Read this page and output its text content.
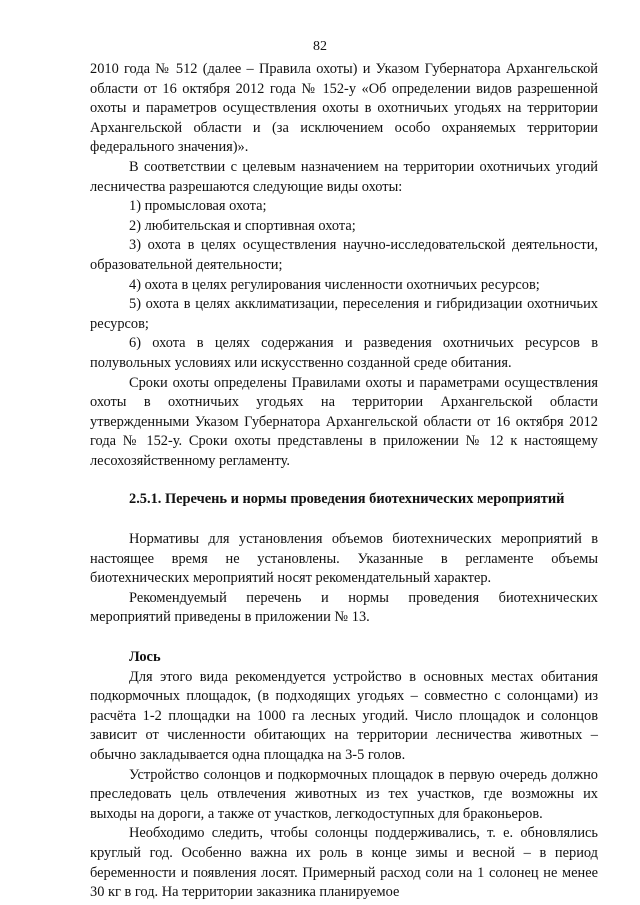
82

2010 года № 512 (далее – Правила охоты) и Указом Губернатора Архангельской области от 16 октября 2012 года № 152-у «Об определении видов разрешенной охоты и параметров осуществления охоты в охотничьих угодьях на территории Архангельской области и (за исключением особо охраняемых территории федерального значения)».

В соответствии с целевым назначением на территории охотничьих угодий лесничества разрешаются следующие виды охоты:

1) промысловая охота;

2) любительская и спортивная охота;

3) охота в целях осуществления научно-исследовательской деятельности, образовательной деятельности;

4) охота в целях регулирования численности охотничьих ресурсов;

5) охота в целях акклиматизации, переселения и гибридизации охотничьих ресурсов;

6) охота в целях содержания и разведения охотничьих ресурсов в полувольных условиях или искусственно созданной среде обитания.

Сроки охоты определены Правилами охоты и параметрами осуществления охоты в охотничьих угодьях на территории Архангельской области утвержденными Указом Губернатора Архангельской области от 16 октября 2012 года № 152-у. Сроки охоты представлены в приложении № 12 к настоящему лесохозяйственному регламенту.

2.5.1. Перечень и нормы проведения биотехнических мероприятий

Нормативы для установления объемов биотехнических мероприятий в настоящее время не установлены. Указанные в регламенте объемы биотехнических мероприятий носят рекомендательный характер.

Рекомендуемый перечень и нормы проведения биотехнических мероприятий приведены в приложении № 13.

Лось

Для этого вида рекомендуется устройство в основных местах обитания подкормочных площадок, (в подходящих угодьях – совместно с солонцами) из расчёта 1-2 площадки на 1000 га лесных угодий. Число площадок и солонцов зависит от численности обитающих на территории лесничества животных – обычно закладывается одна площадка на 3-5 голов.

Устройство солонцов и подкормочных площадок в первую очередь должно преследовать цель отвлечения животных из тех участков, где возможны их выходы на дороги, а также от участков, легкодоступных для браконьеров.

Необходимо следить, чтобы солонцы поддерживались, т. е. обновлялись круглый год. Особенно важна их роль в конце зимы и весной – в период беременности и появления лосят. Примерный расход соли на 1 солонец не менее 30 кг в год. На территории заказника планируемое
